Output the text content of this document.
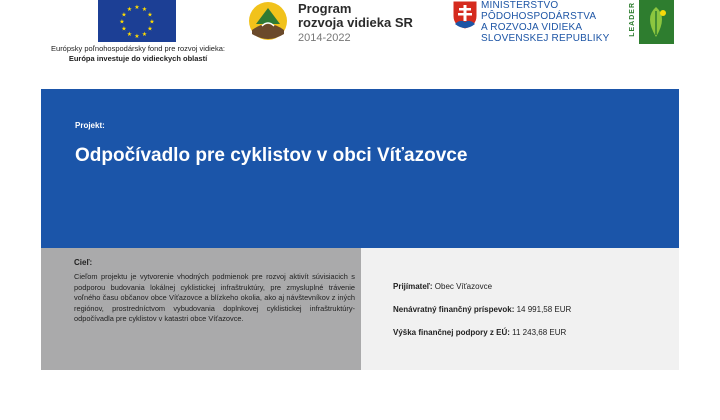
★ ★
★
★
★
★
★
★
★
★
★
★
Európsky poľnohospodársky fond pre rozvoj vidieka:
Európa investuje do vidieckych oblastí
Program
rozvoja vidieka SR
2014-2022
MINISTERSTVO
PÔDOHOSPODÁRSTVA
A ROZVOJA VIDIEKA
SLOVENSKEJ REPUBLIKY
LEADER
Projekt:
Odpočívadlo pre cyklistov v obci Víťazovce
Cieľ:
Cieľom projektu je vytvorenie vhodných podmienok pre rozvoj aktivít súvisiacich s podporou budovania lokálnej cyklistickej infraštruktúry, pre zmysluplné trávenie voľného času občanov obce Víťazovce a blízkeho okolia, ako aj návštevníkov z iných regiónov, prostredníctvom vybudovania doplnkovej cyklistickej infraštruktúry-odpočívadla pre cyklistov v katastri obce Víťazovce.
Prijímateľ: Obec Víťazovce
Nenávratný finančný príspevok: 14 991,58 EUR
Výška finančnej podpory z EÚ: 11 243,68 EUR
